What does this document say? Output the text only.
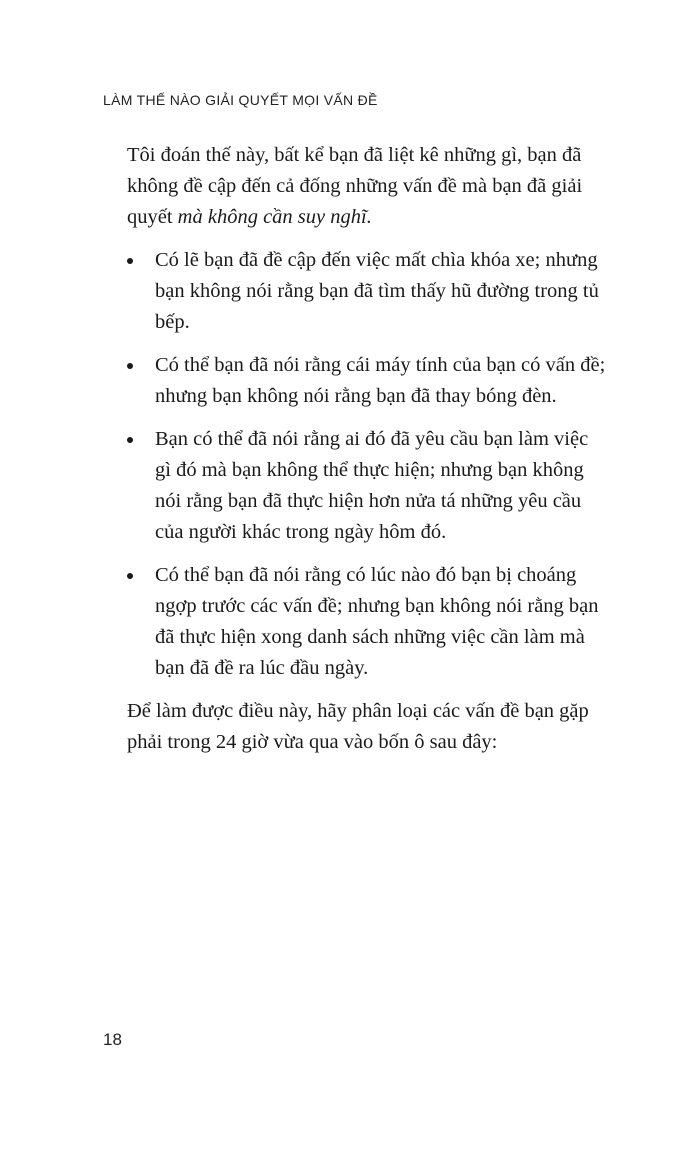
LÀM THẾ NÀO GIẢI QUYẾT MỌI VẤN ĐỀ

Tôi đoán thế này, bất kể bạn đã liệt kê những gì, bạn đã không đề cập đến cả đống những vấn đề mà bạn đã giải quyết mà không cần suy nghĩ.

Có lẽ bạn đã đề cập đến việc mất chìa khóa xe; nhưng bạn không nói rằng bạn đã tìm thấy hũ đường trong tủ bếp.
Có thể bạn đã nói rằng cái máy tính của bạn có vấn đề; nhưng bạn không nói rằng bạn đã thay bóng đèn.
Bạn có thể đã nói rằng ai đó đã yêu cầu bạn làm việc gì đó mà bạn không thể thực hiện; nhưng bạn không nói rằng bạn đã thực hiện hơn nửa tá những yêu cầu của người khác trong ngày hôm đó.
Có thể bạn đã nói rằng có lúc nào đó bạn bị choáng ngợp trước các vấn đề; nhưng bạn không nói rằng bạn đã thực hiện xong danh sách những việc cần làm mà bạn đã đề ra lúc đầu ngày.

Để làm được điều này, hãy phân loại các vấn đề bạn gặp phải trong 24 giờ vừa qua vào bốn ô sau đây:

18
